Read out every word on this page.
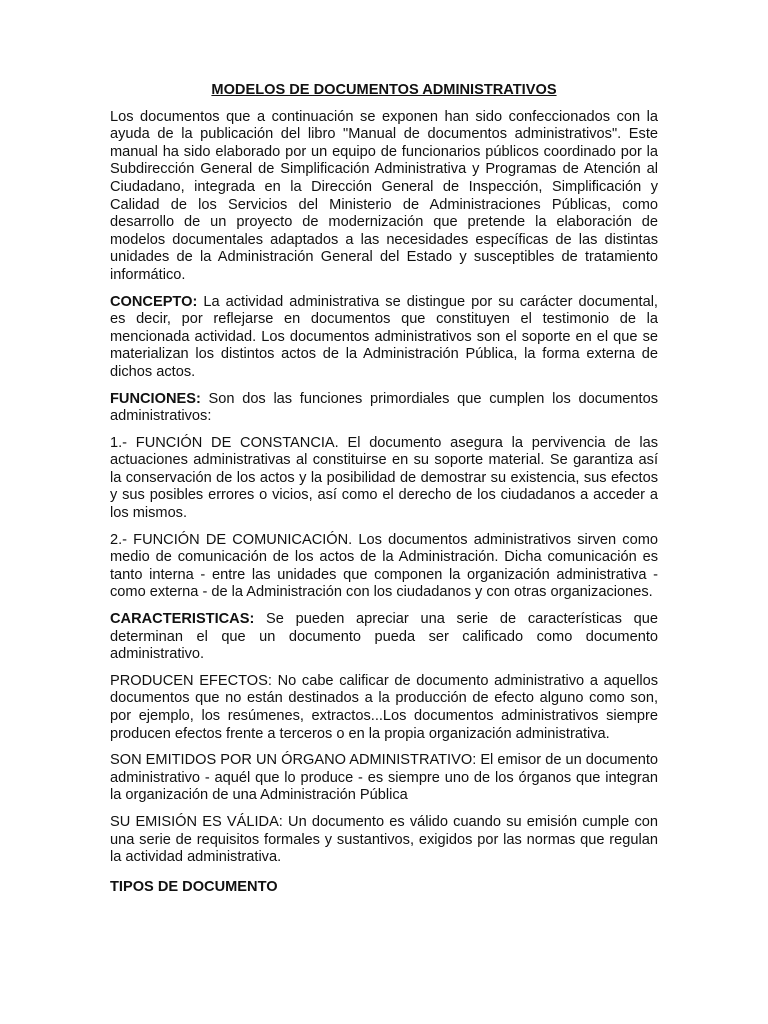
MODELOS DE DOCUMENTOS ADMINISTRATIVOS

Los documentos que a continuación se exponen han sido confeccionados con la ayuda de la publicación del libro "Manual de documentos administrativos". Este manual ha sido elaborado por un equipo de funcionarios públicos coordinado por la Subdirección General de Simplificación Administrativa y Programas de Atención al Ciudadano, integrada en la Dirección General de Inspección, Simplificación y Calidad de los Servicios del Ministerio de Administraciones Públicas, como desarrollo de un proyecto de modernización que pretende la elaboración de modelos documentales adaptados a las necesidades específicas de las distintas unidades de la Administración General del Estado y susceptibles de tratamiento informático.

CONCEPTO: La actividad administrativa se distingue por su carácter documental, es decir, por reflejarse en documentos que constituyen el testimonio de la mencionada actividad. Los documentos administrativos son el soporte en el que se materializan los distintos actos de la Administración Pública, la forma externa de dichos actos.

FUNCIONES: Son dos las funciones primordiales que cumplen los documentos administrativos:

1.- FUNCIÓN DE CONSTANCIA. El documento asegura la pervivencia de las actuaciones administrativas al constituirse en su soporte material. Se garantiza así la conservación de los actos y la posibilidad de demostrar su existencia, sus efectos y sus posibles errores o vicios, así como el derecho de los ciudadanos a acceder a los mismos.

2.- FUNCIÓN DE COMUNICACIÓN. Los documentos administrativos sirven como medio de comunicación de los actos de la Administración. Dicha comunicación es tanto interna - entre las unidades que componen la organización administrativa - como externa - de la Administración con los ciudadanos y con otras organizaciones.

CARACTERISTICAS: Se pueden apreciar una serie de características que determinan el que un documento pueda ser calificado como documento administrativo.

PRODUCEN EFECTOS: No cabe calificar de documento administrativo a aquellos documentos que no están destinados a la producción de efecto alguno como son, por ejemplo, los resúmenes, extractos...Los documentos administrativos siempre producen efectos frente a terceros o en la propia organización administrativa.

SON EMITIDOS POR UN ÓRGANO ADMINISTRATIVO: El emisor de un documento administrativo - aquél que lo produce - es siempre uno de los órganos que integran la organización de una Administración Pública

SU EMISIÓN ES VÁLIDA: Un documento es válido cuando su emisión cumple con una serie de requisitos formales y sustantivos, exigidos por las normas que regulan la actividad administrativa.

TIPOS DE DOCUMENTO
